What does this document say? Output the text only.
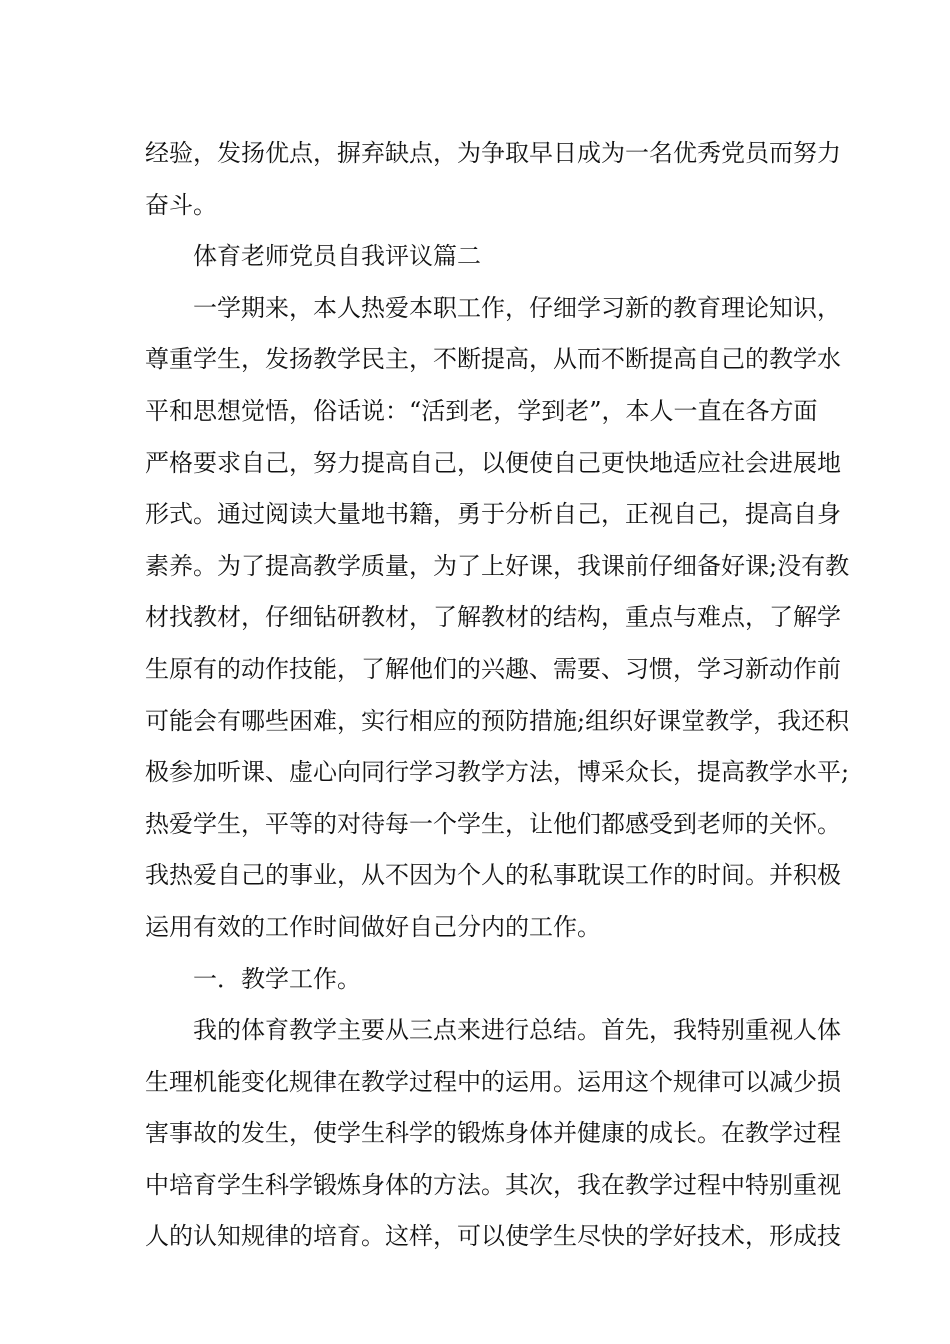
经验，发扬优点，摒弃缺点，为争取早日成为一名优秀党员而努力
奋斗。
体育老师党员自我评议篇二
一学期来，本人热爱本职工作，仔细学习新的教育理论知识，
尊重学生，发扬教学民主，不断提高，从而不断提高自己的教学水
平和思想觉悟，俗话说：“活到老，学到老”，本人一直在各方面
严格要求自己，努力提高自己，以便使自己更快地适应社会进展地
形式。通过阅读大量地书籍，勇于分析自己，正视自己，提高自身
素养。为了提高教学质量，为了上好课，我课前仔细备好课;没有教
材找教材，仔细钻研教材，了解教材的结构，重点与难点，了解学
生原有的动作技能，了解他们的兴趣、需要、习惯，学习新动作前
可能会有哪些困难，实行相应的预防措施;组织好课堂教学，我还积
极参加听课、虚心向同行学习教学方法，博采众长，提高教学水平;
热爱学生，平等的对待每一个学生，让他们都感受到老师的关怀。
我热爱自己的事业，从不因为个人的私事耽误工作的时间。并积极
运用有效的工作时间做好自己分内的工作。
一．教学工作。
我的体育教学主要从三点来进行总结。首先，我特别重视人体
生理机能变化规律在教学过程中的运用。运用这个规律可以减少损
害事故的发生，使学生科学的锻炼身体并健康的成长。在教学过程
中培育学生科学锻炼身体的方法。其次，我在教学过程中特别重视
人的认知规律的培育。这样，可以使学生尽快的学好技术，形成技
